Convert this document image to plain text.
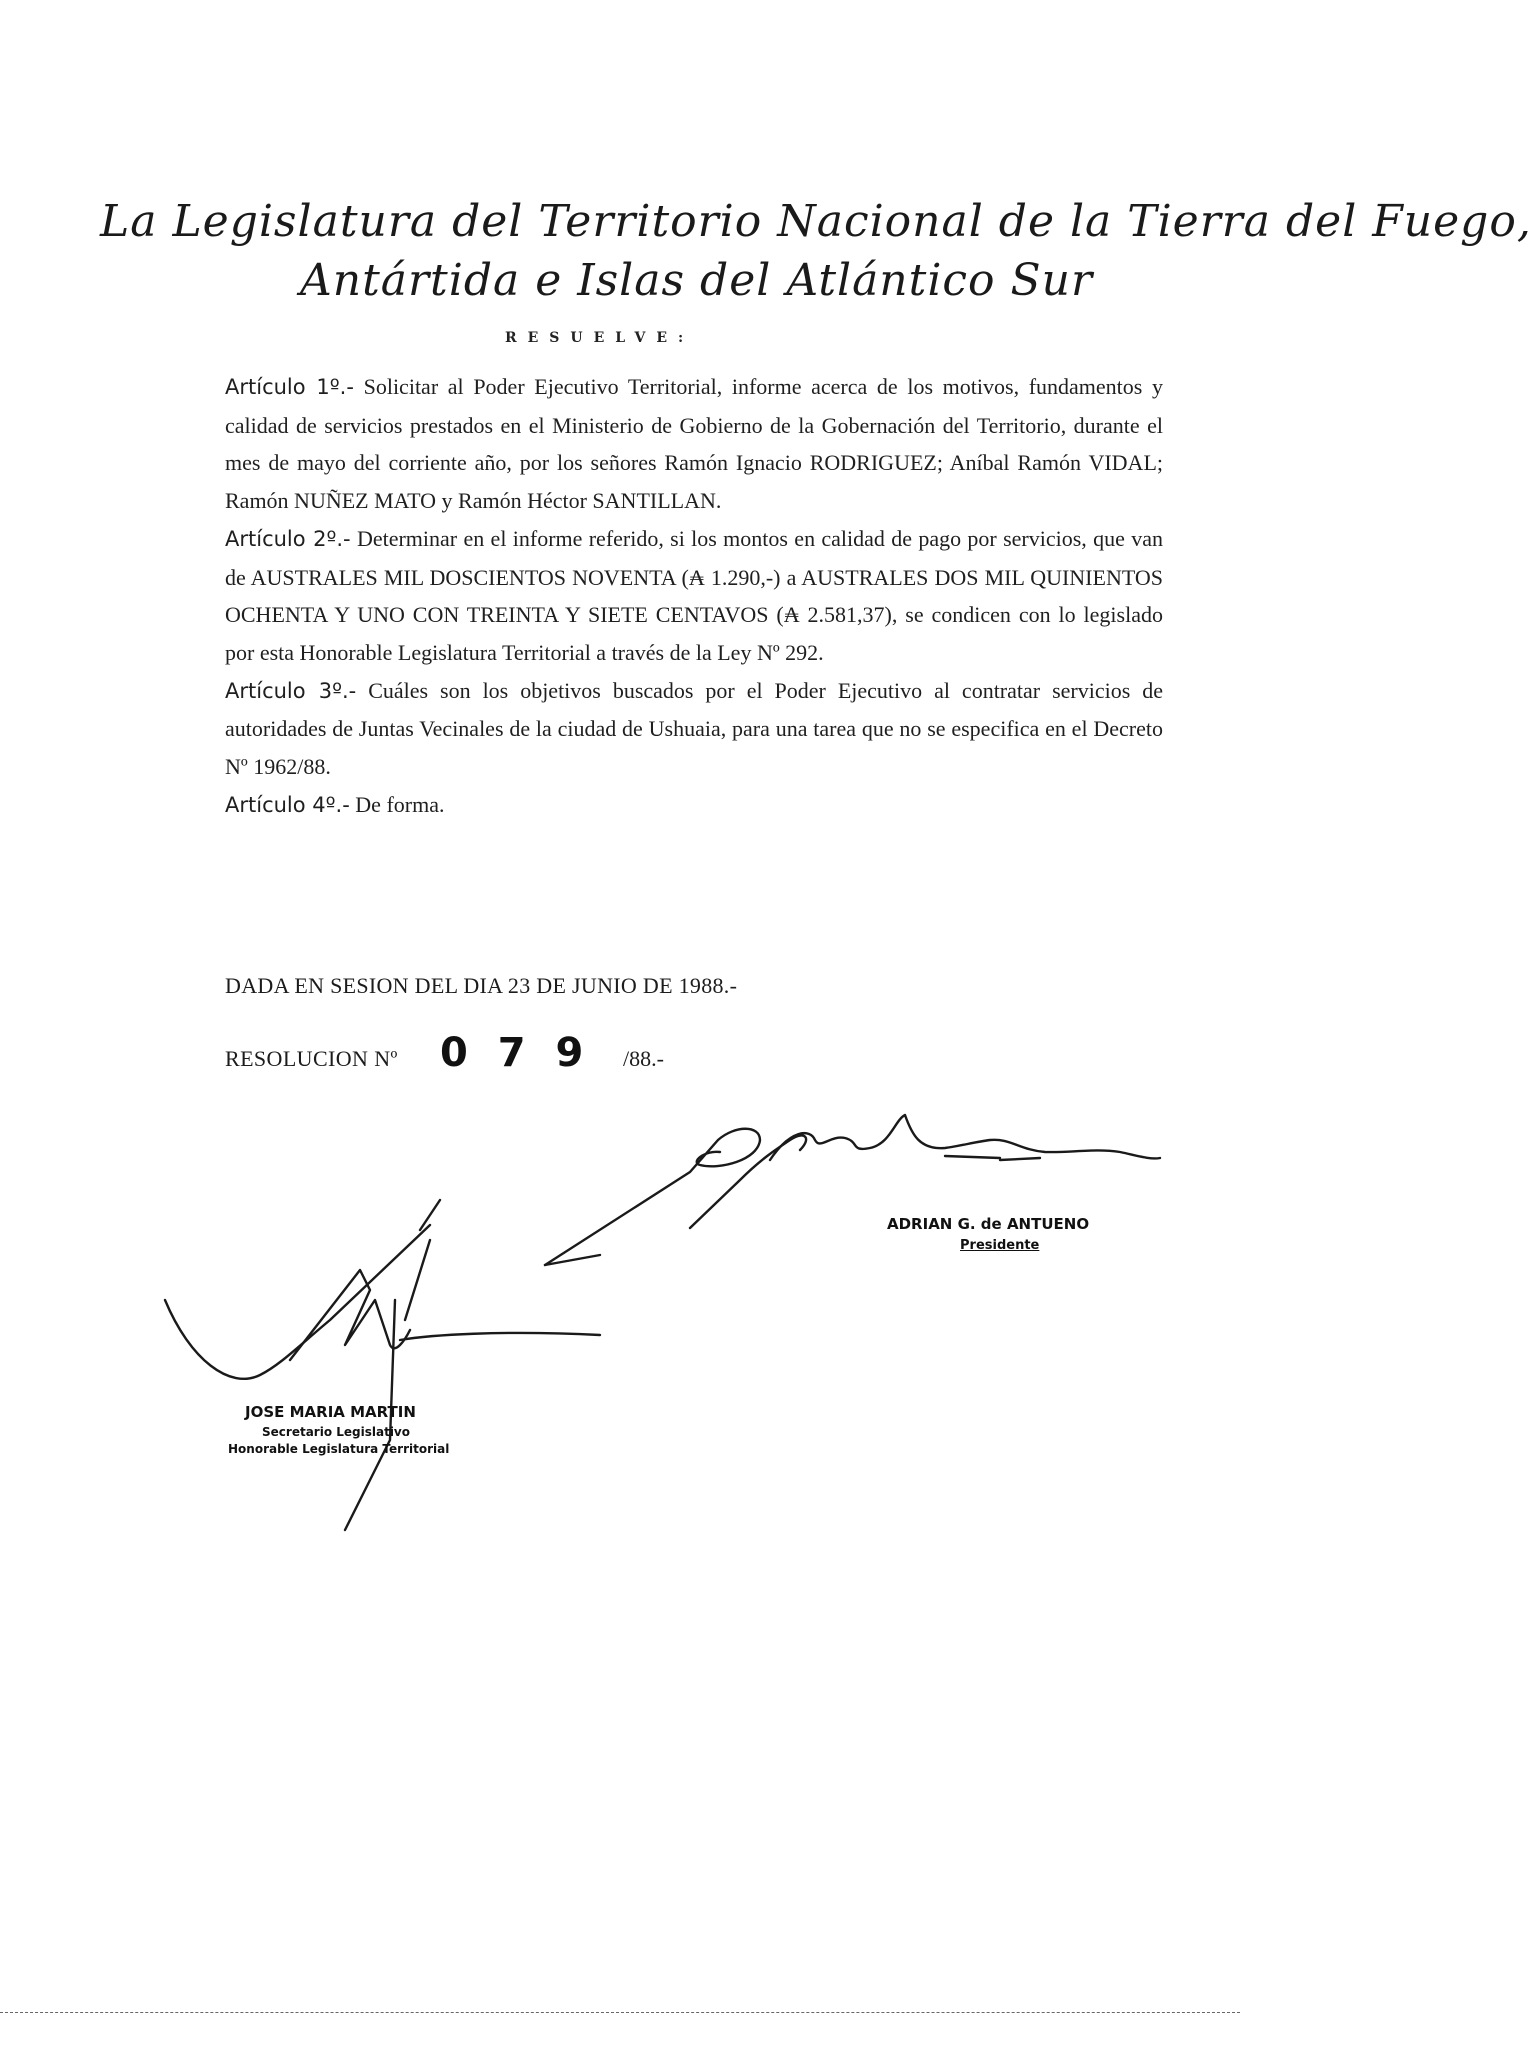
La Legislatura del Territorio Nacional de la Tierra del Fuego,
Antártida e Islas del Atlántico Sur
RESUELVE:

Artículo 1º.- Solicitar al Poder Ejecutivo Territorial, informe acerca de los motivos, fundamentos y calidad de servicios prestados en el Ministerio de Gobierno de la Gobernación del Territorio, durante el mes de mayo del corriente año, por los señores Ramón Ignacio RODRIGUEZ; Aníbal Ramón VIDAL; Ramón NUÑEZ MATO y Ramón Héctor SANTILLAN.

Artículo 2º.- Determinar en el informe referido, si los montos en calidad de pago por servicios, que van de AUSTRALES MIL DOSCIENTOS NOVENTA (₳ 1.290,-) a AUSTRALES DOS MIL QUINIENTOS OCHENTA Y UNO CON TREINTA Y SIETE CENTAVOS (₳ 2.581,37), se condicen con lo legislado por esta Honorable Legislatura Territorial a través de la Ley Nº 292.

Artículo 3º.- Cuáles son los objetivos buscados por el Poder Ejecutivo al contratar servicios de autoridades de Juntas Vecinales de la ciudad de Ushuaia, para una tarea que no se especifica en el Decreto Nº 1962/88.

Artículo 4º.- De forma.

DADA EN SESION DEL DIA 23 DE JUNIO DE 1988.-
RESOLUCION Nº 0 7 9 /88.-
ADRIAN G. de ANTUENO
Presidente
JOSE MARIA MARTIN
Secretario Legislativo
Honorable Legislatura Territorial
